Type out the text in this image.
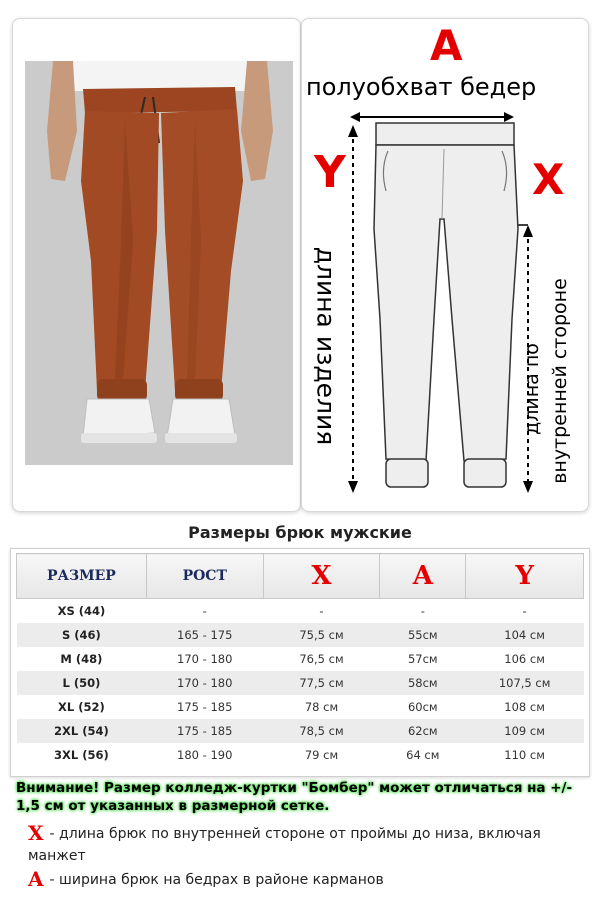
A
полуобхват бедер
Y	X
длина изделия	длина по внутренней стороне
Размеры брюк мужские
РАЗМЕР	РОСТ	X	A	Y
XS (44)	-	-	-	-
S (46)	165 - 175	75,5 см	55см	104 см
M (48)	170 - 180	76,5 см	57см	106 см
L (50)	170 - 180	77,5 см	58см	107,5 см
XL (52)	175 - 185	78 см	60см	108 см
2XL (54)	175 - 185	78,5 см	62см	109 см
3XL (56)	180 - 190	79 см	64 см	110 см
Внимание! Размер колледж-куртки "Бомбер" может отличаться на +/- 1,5 см от указанных в размерной сетке.
X - длина брюк по внутренней стороне от проймы до низа, включая манжет
A - ширина брюк на бедрах в районе карманов
